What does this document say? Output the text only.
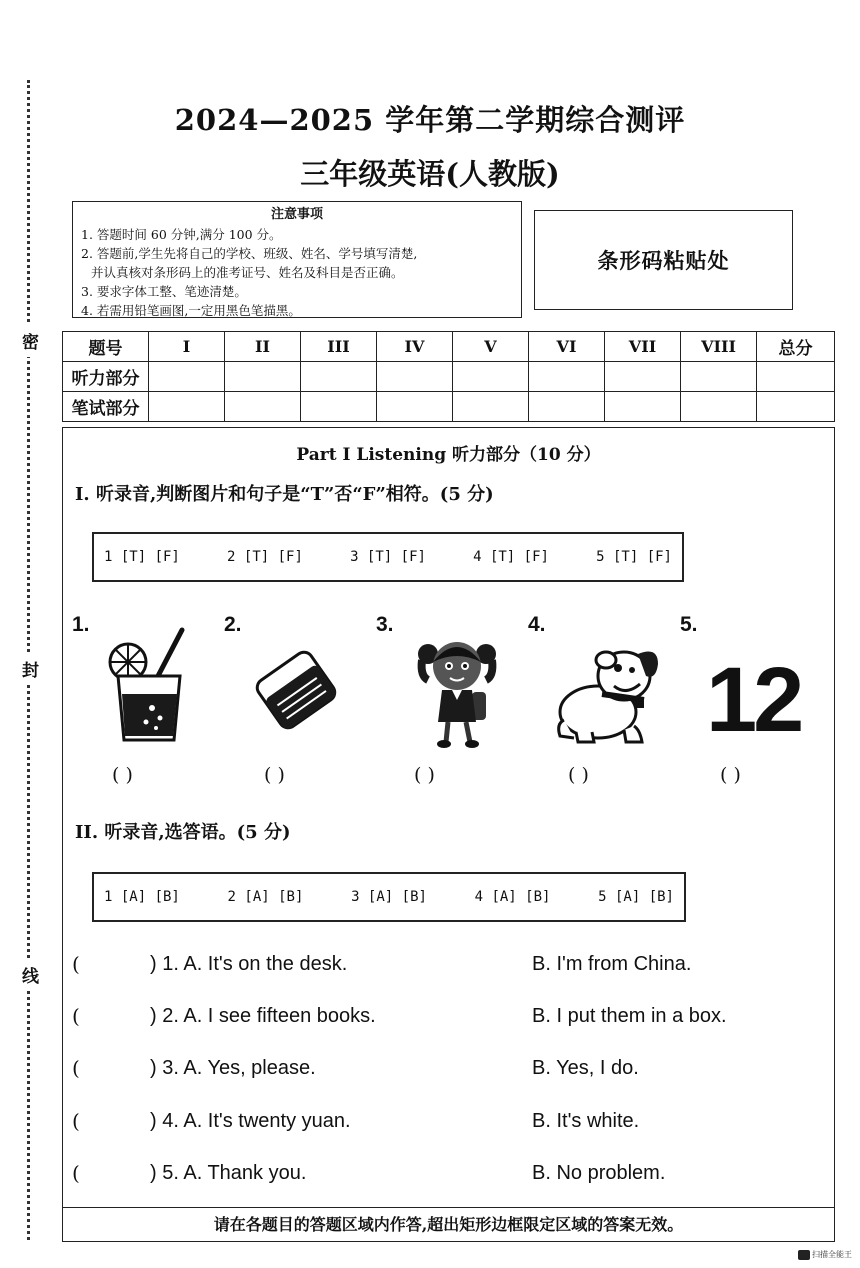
密
封
线
2024—2025 学年第二学期综合测评
三年级英语(人教版)
注意事项
1. 答题时间 60 分钟,满分 100 分。
2. 答题前,学生先将自己的学校、班级、姓名、学号填写清楚,
并认真核对条形码上的准考证号、姓名及科目是否正确。
3. 要求字体工整、笔迹清楚。
4. 若需用铅笔画图,一定用黑色笔描黑。
条形码粘贴处
题号	I	II	III	IV	V	VI	VII	VIII	总分
听力部分									
笔试部分									
Part I Listening 听力部分（10 分）
I. 听录音,判断图片和句子是“T”否“F”相符。(5 分)
1 [T] [F]	2 [T] [F]	3 [T] [F]	4 [T] [F]	5 [T] [F]
1.	2.	3.	4.	5.
12
( )	( )	( )	( )	( )
II. 听录音,选答语。(5 分)
1 [A] [B]	2 [A] [B]	3 [A] [B]	4 [A] [B]	5 [A] [B]
(	) 1. A. It's on the desk.	B. I'm from China.
(	) 2. A. I see fifteen books.	B. I put them in a box.
(	) 3. A. Yes, please.	B. Yes, I do.
(	) 4. A. It's twenty yuan.	B. It's white.
(	) 5. A. Thank you.	B. No problem.
请在各题目的答题区域内作答,超出矩形边框限定区域的答案无效。
扫描全能王
